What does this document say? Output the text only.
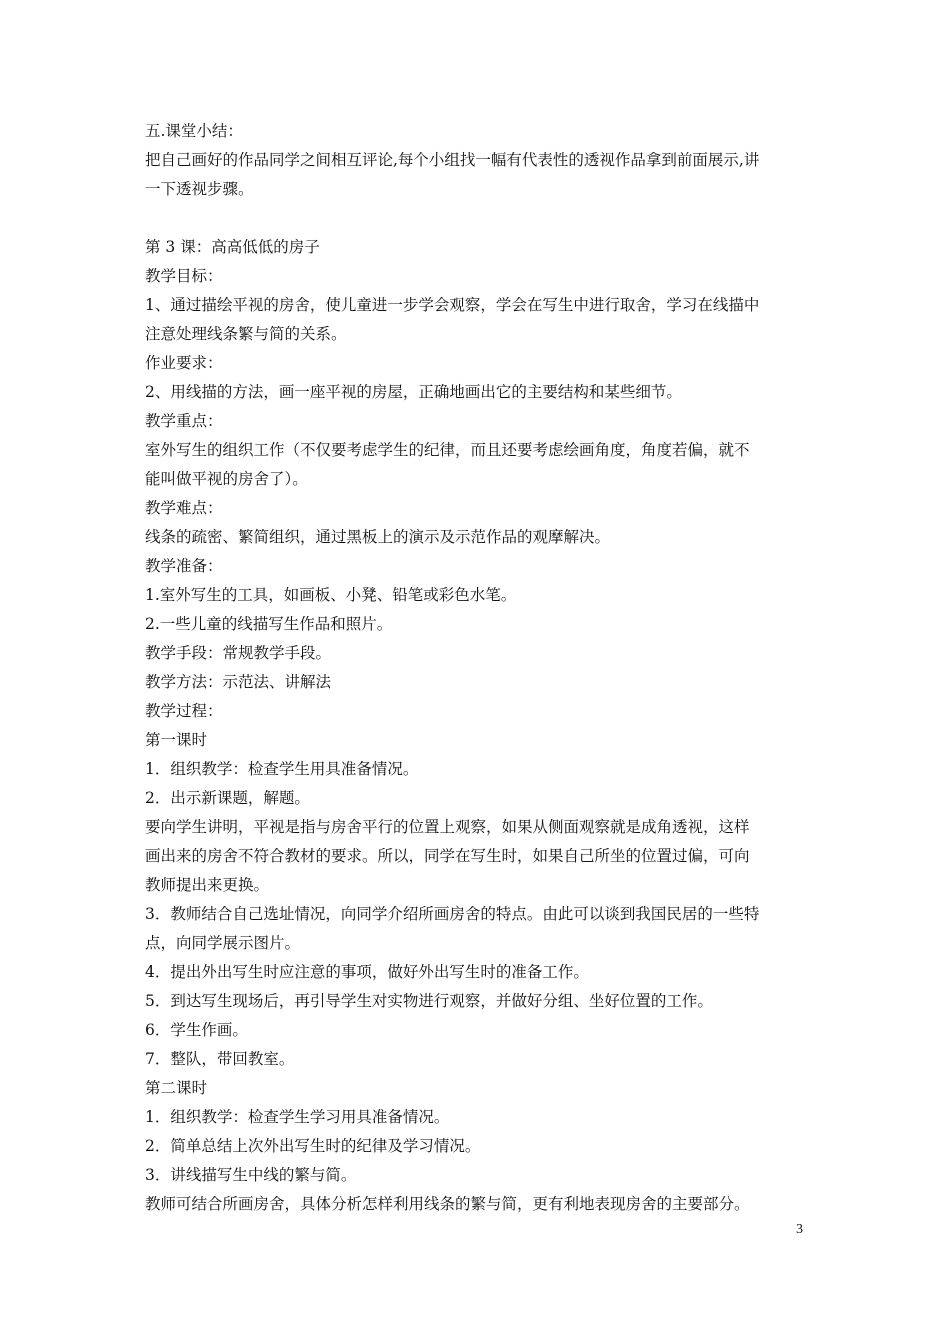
五.课堂小结：
把自己画好的作品同学之间相互评论,每个小组找一幅有代表性的透视作品拿到前面展示,讲
一下透视步骤。
第 3 课：高高低低的房子
教学目标：
1、通过描绘平视的房舍，使儿童进一步学会观察，学会在写生中进行取舍，学习在线描中
注意处理线条繁与简的关系。
作业要求：
2、用线描的方法，画一座平视的房屋，正确地画出它的主要结构和某些细节。
教学重点：
室外写生的组织工作（不仅要考虑学生的纪律，而且还要考虑绘画角度，角度若偏，就不
能叫做平视的房舍了）。
教学难点：
线条的疏密、繁简组织，通过黑板上的演示及示范作品的观摩解决。
教学准备：
1.室外写生的工具，如画板、小凳、铅笔或彩色水笔。
2.一些儿童的线描写生作品和照片。
教学手段：常规教学手段。
教学方法：示范法、讲解法
教学过程：
第一课时
1．组织教学：检查学生用具准备情况。
2．出示新课题，解题。
要向学生讲明，平视是指与房舍平行的位置上观察，如果从侧面观察就是成角透视，这样
画出来的房舍不符合教材的要求。所以，同学在写生时，如果自己所坐的位置过偏，可向
教师提出来更换。
3．教师结合自己选址情况，向同学介绍所画房舍的特点。由此可以谈到我国民居的一些特
点，向同学展示图片。
4．提出外出写生时应注意的事项，做好外出写生时的准备工作。
5．到达写生现场后，再引导学生对实物进行观察，并做好分组、坐好位置的工作。
6．学生作画。
7．整队，带回教室。
第二课时
1．组织教学：检查学生学习用具准备情况。
2．简单总结上次外出写生时的纪律及学习情况。
3．讲线描写生中线的繁与简。
教师可结合所画房舍，具体分析怎样利用线条的繁与简，更有利地表现房舍的主要部分。
3
